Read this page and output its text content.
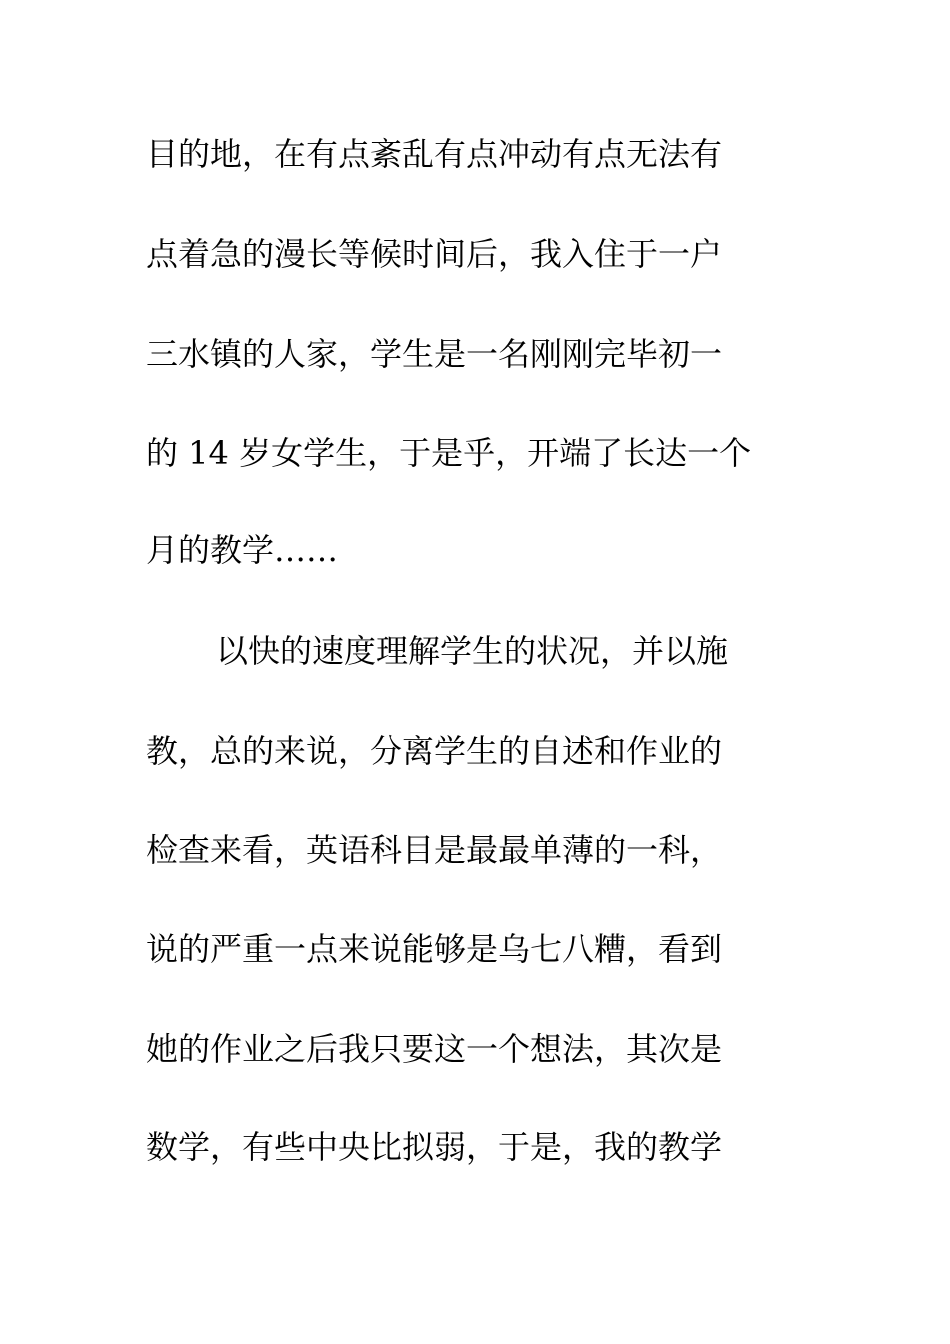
目的地，在有点紊乱有点冲动有点无法有
点着急的漫长等候时间后，我入住于一户
三水镇的人家，学生是一名刚刚完毕初一
的 14 岁女学生，于是乎，开端了长达一个
月的教学……
以快的速度理解学生的状况，并以施
教，总的来说，分离学生的自述和作业的
检查来看，英语科目是最最单薄的一科，
说的严重一点来说能够是乌七八糟，看到
她的作业之后我只要这一个想法，其次是
数学，有些中央比拟弱，于是，我的教学
